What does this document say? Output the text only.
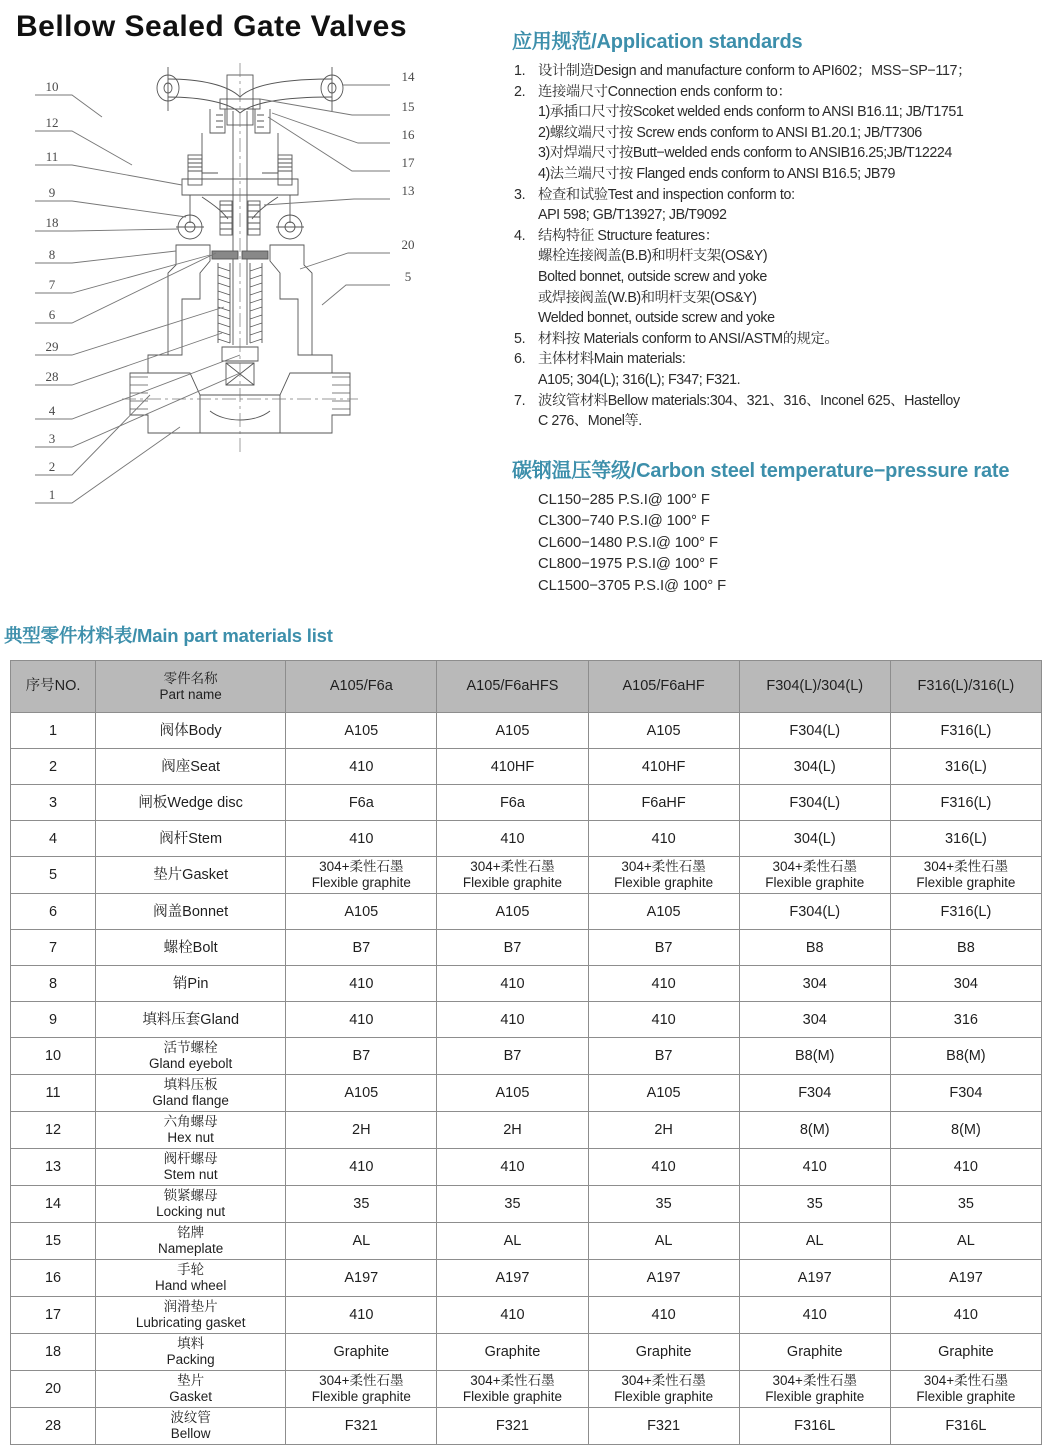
Bellow Sealed Gate Valves
10
12
11
9
18
8
7
6
29
28
4
3
2
1
14
15
16
17
13
20
5
应用规范/Application standards
1. 设计制造Design and manufacture conform to API602；MSS−SP−117；
2. 连接端尺寸Connection ends conform to：
1)承插口尺寸按Scoket welded ends conform to ANSI B16.11; JB/T1751
2)螺纹端尺寸按 Screw ends conform to ANSI B1.20.1; JB/T7306
3)对焊端尺寸按Butt−welded ends conform to ANSIB16.25;JB/T12224
4)法兰端尺寸按 Flanged ends conform to ANSI B16.5; JB79
3. 检查和试验Test and inspection conform to:
API 598; GB/T13927; JB/T9092
4. 结构特征 Structure features：
螺栓连接阀盖(B.B)和明杆支架(OS&Y)
Bolted bonnet, outside screw and yoke
或焊接阀盖(W.B)和明杆支架(OS&Y)
Welded bonnet, outside screw and yoke
5. 材料按 Materials conform to ANSI/ASTM的规定。
6. 主体材料Main materials:
A105; 304(L); 316(L); F347; F321.
7. 波纹管材料Bellow materials:304、321、316、Inconel 625、Hastelloy
C 276、Monel等.
碳钢温压等级/Carbon steel temperature−pressure rate
CL150−285 P.S.I@ 100° F
CL300−740 P.S.I@ 100° F
CL600−1480 P.S.I@ 100° F
CL800−1975 P.S.I@ 100° F
CL1500−3705 P.S.I@ 100° F
典型零件材料表/Main part materials list
序号NO.	零件名称
Part name	A105/F6a	A105/F6aHFS	A105/F6aHF	F304(L)/304(L)	F316(L)/316(L)
1	阀体Body	A105	A105	A105	F304(L)	F316(L)
2	阀座Seat	410	410HF	410HF	304(L)	316(L)
3	闸板Wedge disc	F6a	F6a	F6aHF	F304(L)	F316(L)
4	阀杆Stem	410	410	410	304(L)	316(L)
5	垫片Gasket	304+柔性石墨
Flexible graphite	304+柔性石墨
Flexible graphite	304+柔性石墨
Flexible graphite	304+柔性石墨
Flexible graphite	304+柔性石墨
Flexible graphite

6	阀盖Bonnet	A105	A105	A105	F304(L)	F316(L)
7	螺栓Bolt	B7	B7	B7	B8	B8
8	销Pin	410	410	410	304	304
9	填料压套Gland	410	410	410	304	316
10	活节螺栓
Gland eyebolt	B7	B7	B7	B8(M)	B8(M)
11	填料压板
Gland flange	A105	A105	A105	F304	F304
12	六角螺母
Hex nut	2H	2H	2H	8(M)	8(M)
13	阀杆螺母
Stem nut	410	410	410	410	410
14	锁紧螺母
Locking nut	35	35	35	35	35
15	铭牌
Nameplate	AL	AL	AL	AL	AL
16	手轮
Hand wheel	A197	A197	A197	A197	A197
17	润滑垫片
Lubricating gasket	410	410	410	410	410
18	填料
Packing	Graphite	Graphite	Graphite	Graphite	Graphite
20	垫片
Gasket	304+柔性石墨
Flexible graphite	304+柔性石墨
Flexible graphite	304+柔性石墨
Flexible graphite	304+柔性石墨
Flexible graphite	304+柔性石墨
Flexible graphite

28	波纹管
Bellow	F321	F321	F321	F316L	F316L
